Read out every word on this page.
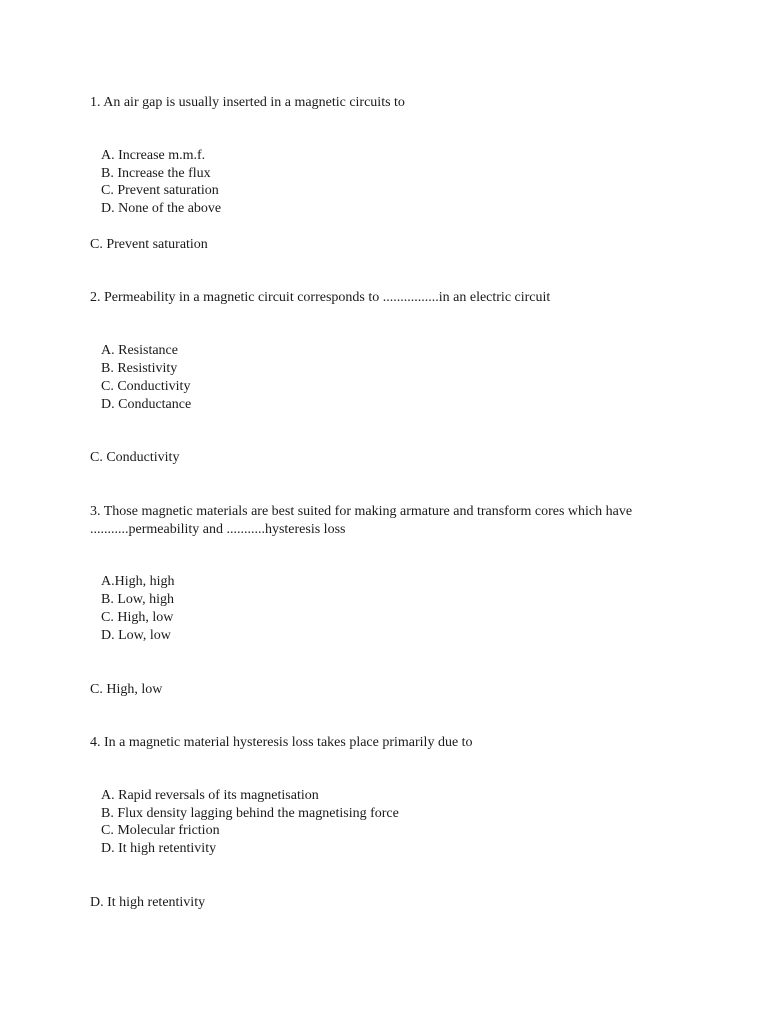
1. An air gap is usually inserted in a magnetic circuits to
A. Increase m.m.f.
B. Increase the flux
C. Prevent saturation
D. None of the above
C. Prevent saturation
2. Permeability in a magnetic circuit corresponds to ................in an electric circuit
A. Resistance
B. Resistivity
C. Conductivity
D. Conductance
C. Conductivity
3. Those magnetic materials are best suited for making armature and transform cores which have
...........permeability and ...........hysteresis loss
A.High, high
B. Low, high
C. High, low
D. Low, low
C. High, low
4. In a magnetic material hysteresis loss takes place primarily due to
A. Rapid reversals of its magnetisation
B. Flux density lagging behind the magnetising force
C. Molecular friction
D. It high retentivity
D. It high retentivity
